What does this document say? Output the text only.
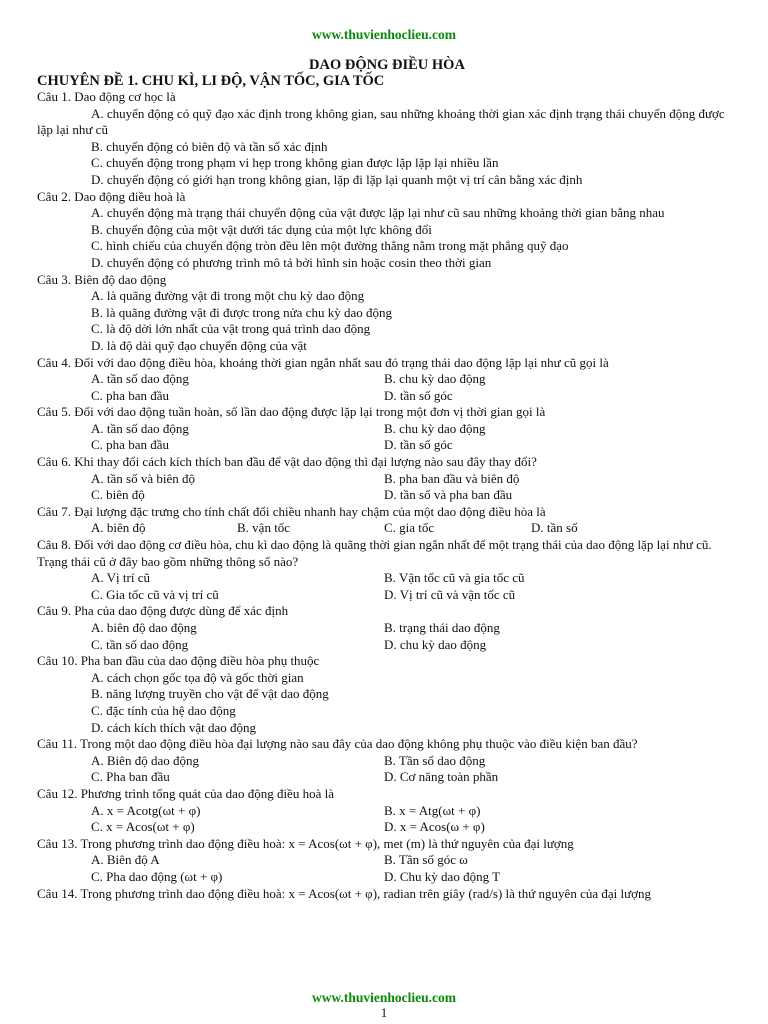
www.thuvienhoclieu.com
DAO ĐỘNG ĐIỀU HÒA
CHUYÊN ĐỀ 1. CHU KÌ, LI ĐỘ, VẬN TỐC, GIA TỐC
Câu 1. Dao động cơ học là
A. chuyển động có quỹ đạo xác định trong không gian, sau những khoảng thời gian xác định trạng thái chuyển động được lặp lại như cũ
B. chuyển động có biên độ và tần số xác định
C. chuyển động trong phạm vi hẹp trong không gian được lặp lặp lại nhiều lần
D. chuyển động có giới hạn trong không gian, lặp đi lặp lại quanh một vị trí cân bằng xác định
Câu 2. Dao động điều hoà là
A. chuyển động mà trạng thái chuyển động của vật được lặp lại như cũ sau những khoảng thời gian bằng nhau
B. chuyển động của một vật dưới tác dụng của một lực không đổi
C. hình chiếu của chuyển động tròn đều lên một đường thẳng nằm trong mặt phẳng quỹ đạo
D. chuyển động có phương trình mô tả bởi hình sin hoặc cosin theo thời gian
Câu 3. Biên độ dao động
A. là quãng đường vật đi trong một chu kỳ dao động
B. là quãng đường vật đi được trong nửa chu kỳ dao động
C. là độ dời lớn nhất của vật trong quá trình dao động
D. là độ dài quỹ đạo chuyển động của vật
Câu 4. Đối với dao động điều hòa, khoảng thời gian ngắn nhất sau đó trạng thái dao động lặp lại như cũ gọi là
A. tần số dao động	B. chu kỳ dao động
C. pha ban đầu	D. tần số góc
Câu 5. Đối với dao động tuần hoàn, số lần dao động được lặp lại trong một đơn vị thời gian gọi là
A. tần số dao động	B. chu kỳ dao động
C. pha ban đầu	D. tần số góc
Câu 6. Khi thay đổi cách kích thích ban đầu để vật dao động thì đại lượng nào sau đây thay đổi?
A. tần số và biên độ	B. pha ban đầu và biên độ
C. biên độ	D. tần số và pha ban đầu
Câu 7. Đại lượng đặc trưng cho tính chất đổi chiều nhanh hay chậm của một dao động điều hòa là
A. biên độ	B. vận tốc	C. gia tốc	D. tần số
Câu 8. Đối với dao động cơ điều hòa, chu kì dao động là quãng thời gian ngắn nhất để một trạng thái của dao động lặp lại như cũ. Trạng thái cũ ở đây bao gồm những thông số nào?
A. Vị trí cũ	B. Vận tốc cũ và gia tốc cũ
C. Gia tốc cũ và vị trí cũ	D. Vị trí cũ và vận tốc cũ
Câu 9. Pha của dao động được dùng để xác định
A. biên độ dao động	B. trạng thái dao động
C. tần số dao động	D. chu kỳ dao động
Câu 10. Pha ban đầu của dao động điều hòa phụ thuộc
A. cách chọn gốc tọa độ và gốc thời gian
B. năng lượng truyền cho vật để vật dao động
C. đặc tính của hệ dao động
D. cách kích thích vật dao động
Câu 11. Trong một dao động điều hòa đại lượng nào sau đây của dao động không phụ thuộc vào điều kiện ban đầu?
A. Biên độ dao động	B. Tần số dao động
C. Pha ban đầu	D. Cơ năng toàn phần
Câu 12. Phương trình tổng quát của dao động điều hoà là
A. x = Acotg(ωt + φ)	B. x = Atg(ωt + φ)
C. x = Acos(ωt + φ)	D. x = Acos(ω + φ)
Câu 13. Trong phương trình dao động điều hoà: x = Acos(ωt + φ), met (m) là thứ nguyên của đại lượng
A. Biên độ A	B. Tần số góc ω
C. Pha dao động (ωt + φ)	D. Chu kỳ dao động T
Câu 14. Trong phương trình dao động điều hoà: x = Acos(ωt + φ), radian trên giây (rad/s) là thứ nguyên của đại lượng
www.thuvienhoclieu.com
1
